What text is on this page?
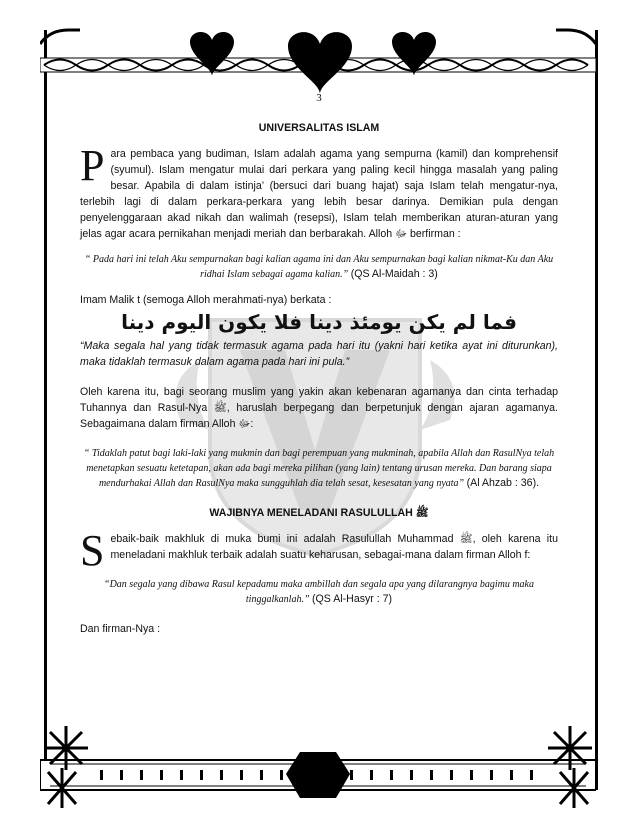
3
UNIVERSALITAS ISLAM

Para pembaca yang budiman, Islam adalah agama yang sempurna (kamil) dan komprehensif (syumul). Islam mengatur mulai dari perkara yang paling kecil hingga masalah yang paling besar. Apabila di dalam istinja’ (bersuci dari buang hajat) saja Islam telah mengatur-nya, terlebih lagi di dalam perkara-perkara yang lebih besar darinya. Demikian pula dengan penyelenggaraan akad nikah dan walimah (resepsi), Islam telah memberikan aturan-aturan yang jelas agar acara pernikahan menjadi meriah dan berbarakah. Alloh ﷻ berfirman :

“ Pada hari ini telah Aku sempurnakan bagi kalian agama ini dan Aku sempurnakan bagi kalian nikmat-Ku dan Aku ridhai Islam sebagai agama kalian.” (QS Al-Maidah : 3)

Imam Malik t (semoga Alloh merahmati-nya) berkata :

فما لم يكن يومئذ دينا فلا يكون اليوم دينا

“Maka segala hal yang tidak termasuk agama pada hari itu (yakni hari ketika ayat ini diturunkan), maka tidaklah termasuk dalam agama pada hari ini pula.”

Oleh karena itu, bagi seorang muslim yang yakin akan kebenaran agamanya dan cinta terhadap Tuhannya dan Rasul-Nya ﷺ, haruslah berpegang dan berpetunjuk dengan ajaran agamanya. Sebagaimana dalam firman Alloh ﷻ:

“ Tidaklah patut bagi laki-laki yang mukmin dan bagi perempuan yang mukminah, apabila Allah dan RasulNya telah menetapkan sesuatu ketetapan, akan ada bagi mereka pilihan (yang lain) tentang urusan mereka. Dan barang siapa mendurhakai Allah dan RasulNya maka sungguhlah dia telah sesat, kesesatan yang nyata” (Al Ahzab : 36).

WAJIBNYA MENELADANI RASULULLAH ﷺ

Sebaik-baik makhluk di muka bumi ini adalah Rasulullah Muhammad ﷺ, oleh karena itu meneladani makhluk terbaik adalah suatu keharusan, sebagai-mana dalam firman Alloh f:

“Dan segala yang dibawa Rasul kepadamu maka ambillah dan segala apa yang dilarangnya bagimu maka tinggalkanlah.” (QS Al-Hasyr : 7)

Dan firman-Nya :
